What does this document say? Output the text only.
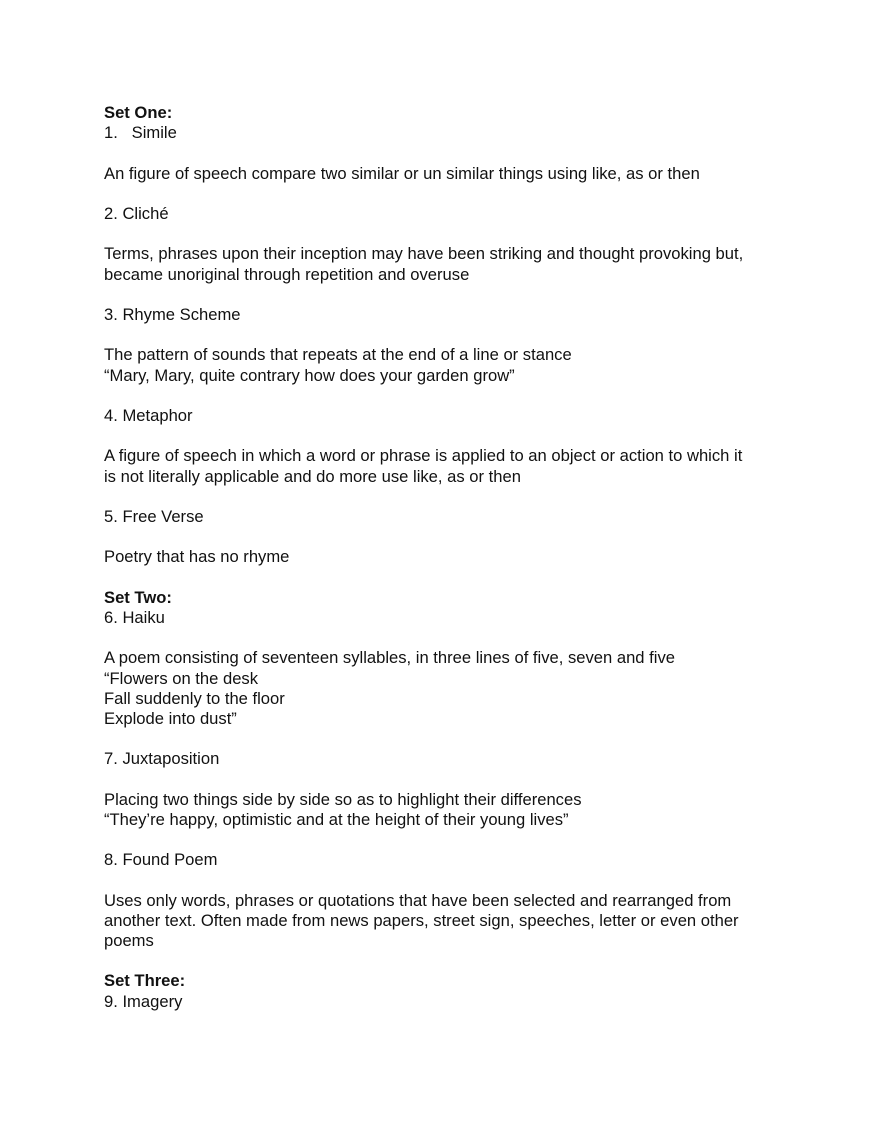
Set One:

1.   Simile

An figure of speech compare two similar or un similar things using like, as or then

2. Cliché

Terms, phrases upon their inception may have been striking and thought provoking but,

became unoriginal through repetition and overuse

3. Rhyme Scheme

The pattern of sounds that repeats at the end of a line or stance

“Mary, Mary, quite contrary how does your garden grow”

4. Metaphor

A figure of speech in which a word or phrase is applied to an object or action to which it

is not literally applicable and do more use like, as or then

5. Free Verse

Poetry that has no rhyme

Set Two:

6. Haiku

A poem consisting of seventeen syllables, in three lines of five, seven and five

“Flowers on the desk

Fall suddenly to the floor

Explode into dust”

7. Juxtaposition

Placing two things side by side so as to highlight their differences

“They’re happy, optimistic and at the height of their young lives”

8. Found Poem

Uses only words, phrases or quotations that have been selected and rearranged from

another text. Often made from news papers, street sign, speeches, letter or even other

poems

Set Three:

9. Imagery
